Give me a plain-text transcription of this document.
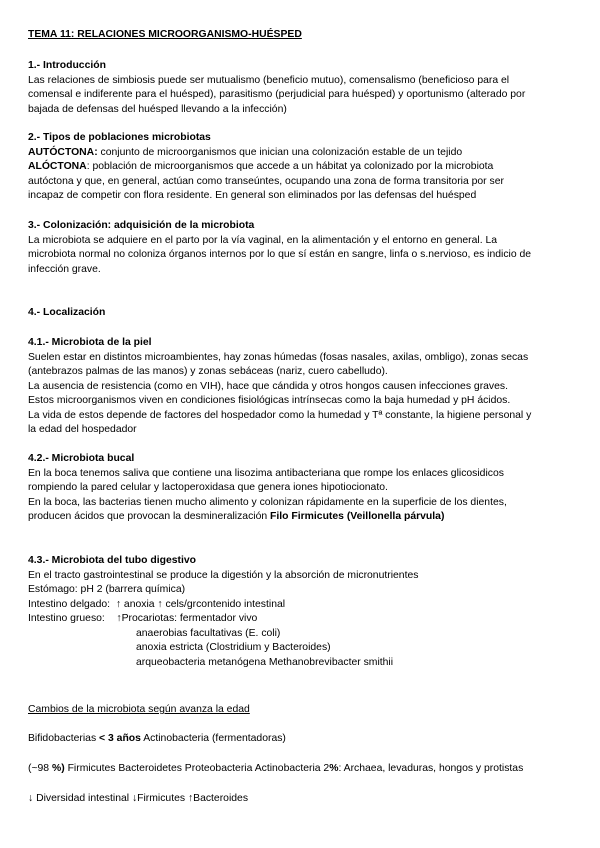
TEMA 11: RELACIONES MICROORGANISMO-HUÉSPED
1.- Introducción
Las relaciones de simbiosis puede ser mutualismo (beneficio mutuo), comensalismo (beneficioso para el
comensal e indiferente para el huésped), parasitismo (perjudicial para huésped) y oportunismo (alterado por
bajada de defensas del huésped llevando a la infección)
2.- Tipos de poblaciones microbiotas
AUTÓCTONA: conjunto de microorganismos que inician una colonización estable de un tejido
ALÓCTONA: población de microorganismos que accede a un hábitat ya colonizado por la microbiota
autóctona y que, en general, actúan como transeúntes, ocupando una zona de forma transitoria por ser
incapaz de competir con flora residente. En general son eliminados por las defensas del huésped
3.- Colonización: adquisición de la microbiota
La microbiota se adquiere en el parto por la vía vaginal, en la alimentación y el entorno en general. La
microbiota normal no coloniza órganos internos por lo que sí están en sangre, linfa o s.nervioso, es indicio de
infección grave.
4.- Localización
4.1.- Microbiota de la piel
Suelen estar en distintos microambientes, hay zonas húmedas (fosas nasales, axilas, ombligo), zonas secas
(antebrazos palmas de las manos) y zonas sebáceas (nariz, cuero cabelludo).
La ausencia de resistencia (como en VIH), hace que cándida y otros hongos causen infecciones graves.
Estos microorganismos viven en condiciones fisiológicas intrínsecas como la baja humedad y pH ácidos.
La vida de estos depende de factores del hospedador como la humedad y Tª constante, la higiene personal y
la edad del hospedador
4.2.- Microbiota bucal
En la boca tenemos saliva que contiene una lisozima antibacteriana que rompe los enlaces glicosidicos
rompiendo la pared celular y lactoperoxidasa que genera iones hipotiocionato.
En la boca, las bacterias tienen mucho alimento y colonizan rápidamente en la superficie de los dientes,
producen ácidos que provocan la desmineralización Filo Firmicutes (Veillonella párvula)
4.3.- Microbiota del tubo digestivo
En el tracto gastrointestinal se produce la digestión y la absorción de micronutrientes
Estómago: pH 2 (barrera química)
Intestino delgado: ↑ anoxia ↑ cels/grcontenido intestinal
Intestino grueso: ↑Procariotas: fermentador vivo
anaerobias facultativas (E. coli)
anoxia estricta (Clostridium y Bacteroides)
arqueobacteria metanógena Methanobrevibacter smithii
Cambios de la microbiota según avanza la edad
Bifidobacterias < 3 años Actinobacteria (fermentadoras)
(~98 %) Firmicutes Bacteroidetes Proteobacteria Actinobacteria 2%: Archaea, levaduras, hongos y protistas
↓ Diversidad intestinal ↓Firmicutes ↑Bacteroides
